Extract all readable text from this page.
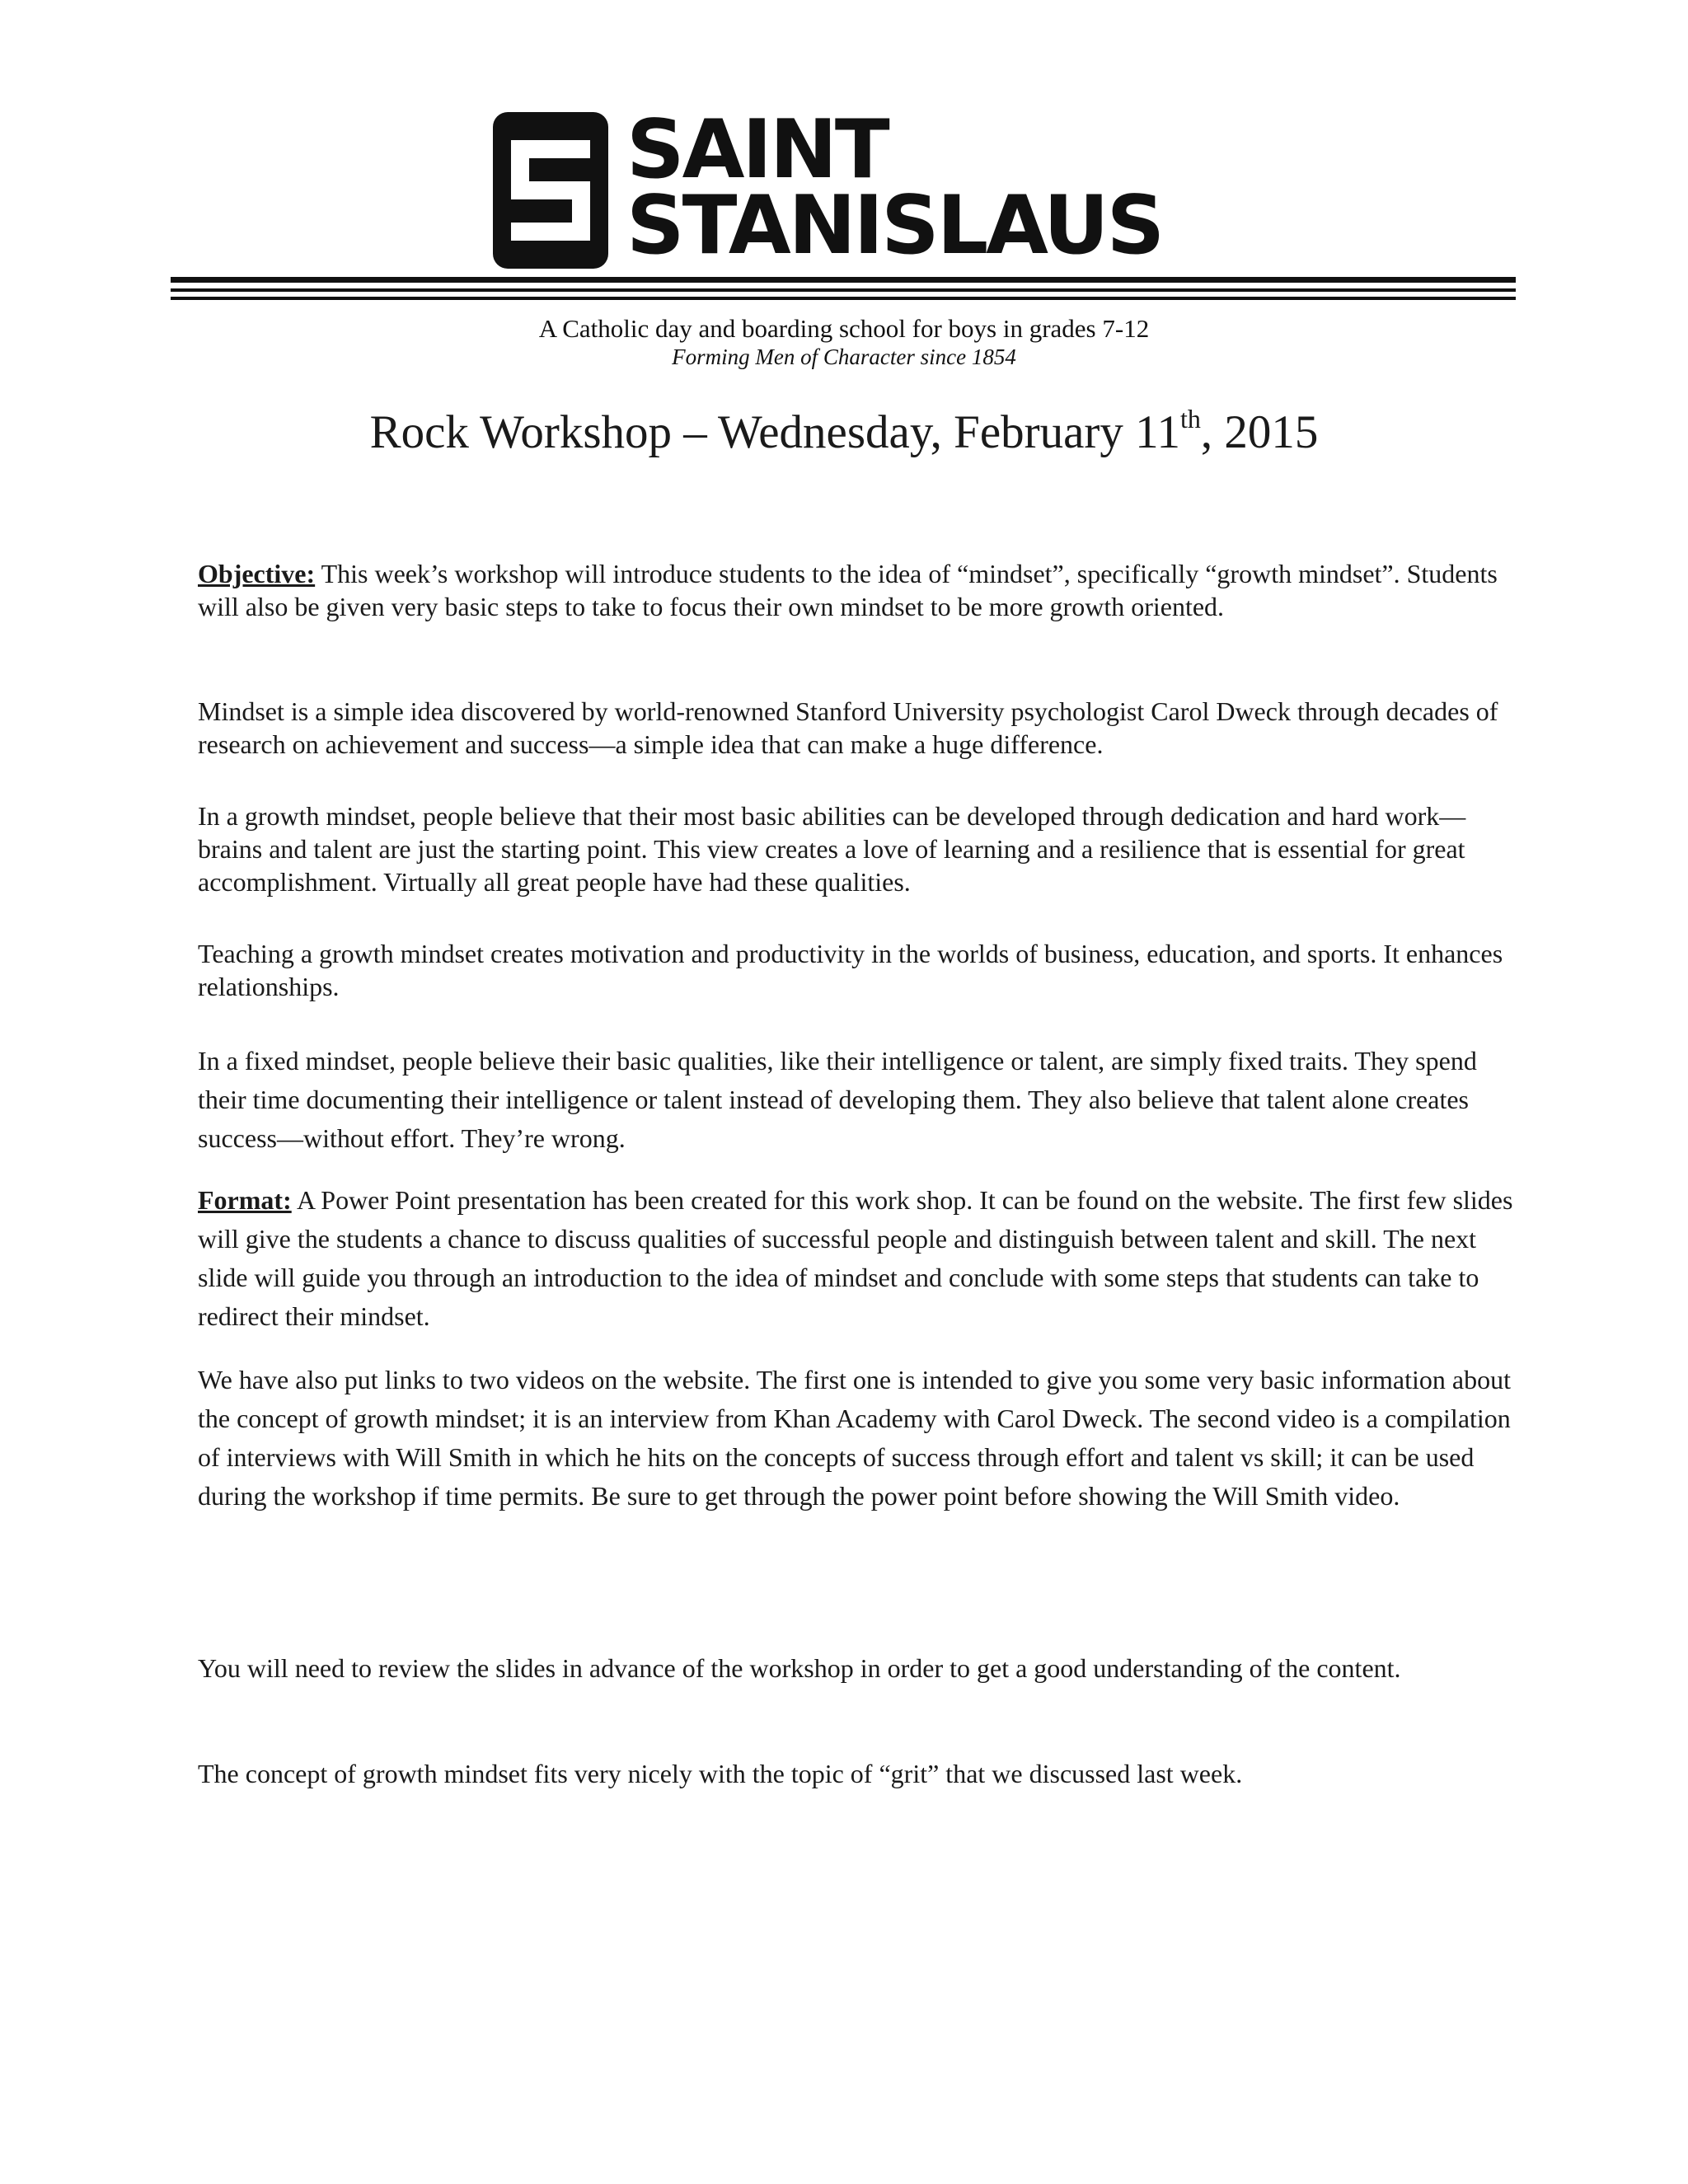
SAINT
STANISLAUS
A Catholic day and boarding school for boys in grades 7-12
Forming Men of Character since 1854
Rock Workshop – Wednesday, February 11th, 2015

Objective: This week’s workshop will introduce students to the idea of “mindset”, specifically “growth mindset”. Students will also be given very basic steps to take to focus their own mindset to be more growth oriented.

Mindset is a simple idea discovered by world-renowned Stanford University psychologist Carol Dweck through decades of research on achievement and success—a simple idea that can make a huge difference.

In a growth mindset, people believe that their most basic abilities can be developed through dedication and hard work—brains and talent are just the starting point. This view creates a love of learning and a resilience that is essential for great accomplishment. Virtually all great people have had these qualities.

Teaching a growth mindset creates motivation and productivity in the worlds of business, education, and sports. It enhances relationships.

In a fixed mindset, people believe their basic qualities, like their intelligence or talent, are simply fixed traits. They spend their time documenting their intelligence or talent instead of developing them. They also believe that talent alone creates success—without effort. They’re wrong.

Format: A Power Point presentation has been created for this work shop. It can be found on the website. The first few slides will give the students a chance to discuss qualities of successful people and distinguish between talent and skill. The next slide will guide you through an introduction to the idea of mindset and conclude with some steps that students can take to redirect their mindset.

We have also put links to two videos on the website. The first one is intended to give you some very basic information about the concept of growth mindset; it is an interview from Khan Academy with Carol Dweck. The second video is a compilation of interviews with Will Smith in which he hits on the concepts of success through effort and talent vs skill; it can be used during the workshop if time permits. Be sure to get through the power point before showing the Will Smith video.

You will need to review the slides in advance of the workshop in order to get a good understanding of the content.

The concept of growth mindset fits very nicely with the topic of “grit” that we discussed last week.
